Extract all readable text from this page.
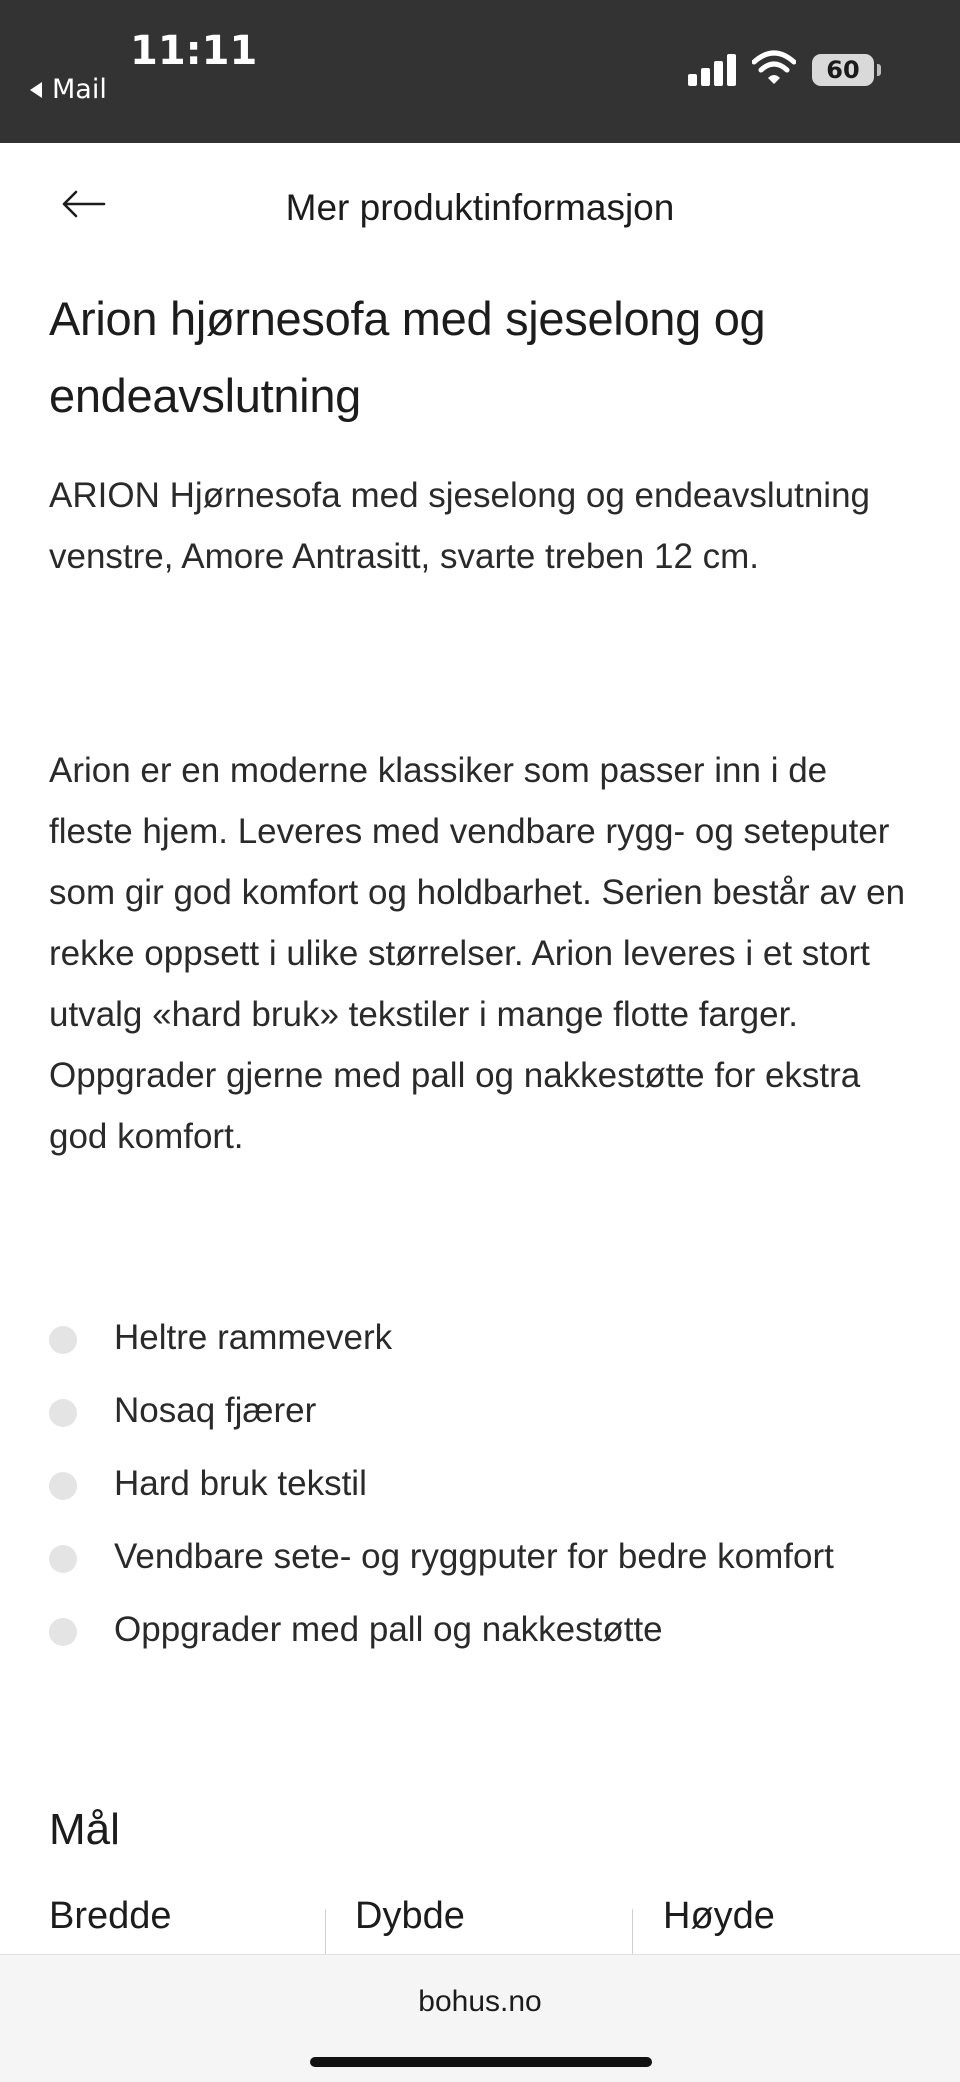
11:11
Mail
60
Mer produktinformasjon
Arion hjørnesofa med sjeselong og endeavslutning

ARION Hjørnesofa med sjeselong og endeavslutning venstre, Amore Antrasitt, svarte treben 12 cm.

Arion er en moderne klassiker som passer inn i de fleste hjem. Leveres med vendbare rygg- og seteputer som gir god komfort og holdbarhet. Serien består av en rekke oppsett i ulike størrelser. Arion leveres i et stort utvalg «hard bruk» tekstiler i mange flotte farger. Oppgrader gjerne med pall og nakkestøtte for ekstra god komfort.

Heltre rammeverk
Nosaq fjærer
Hard bruk tekstil
Vendbare sete- og ryggputer for bedre komfort
Oppgrader med pall og nakkestøtte
Mål
Bredde	Dybde	Høyde
bohus.no
